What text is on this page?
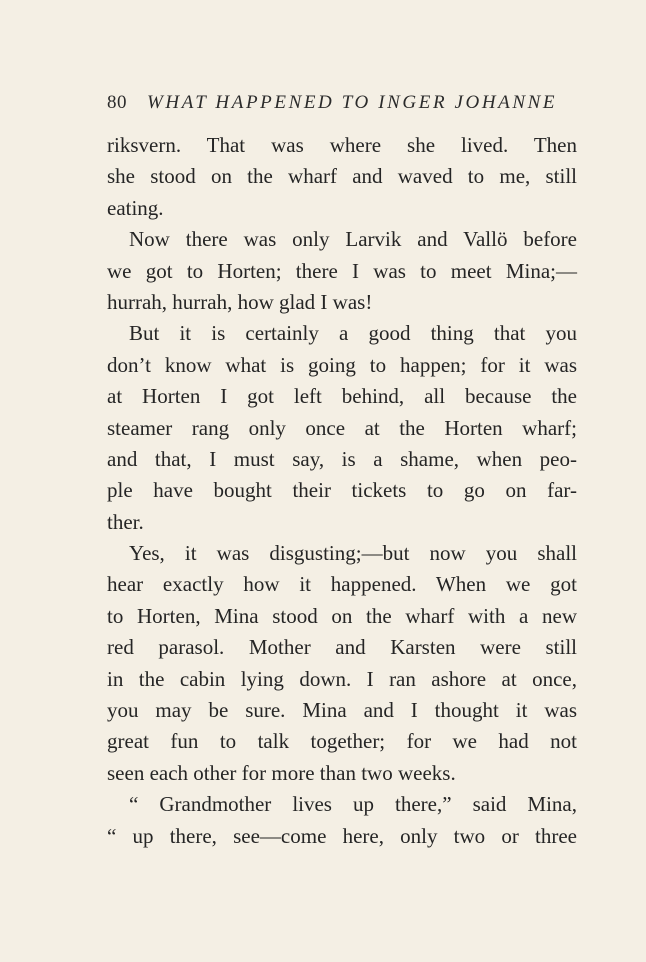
80 WHAT HAPPENED TO INGER JOHANNE
riksvern. That was where she lived. Then
she stood on the wharf and waved to me, still
eating.
Now there was only Larvik and Vallö before
we got to Horten; there I was to meet Mina;—
hurrah, hurrah, how glad I was!
But it is certainly a good thing that you
don’t know what is going to happen; for it was
at Horten I got left behind, all because the
steamer rang only once at the Horten wharf;
and that, I must say, is a shame, when peo-
ple have bought their tickets to go on far-
ther.
Yes, it was disgusting;—but now you shall
hear exactly how it happened. When we got
to Horten, Mina stood on the wharf with a new
red parasol. Mother and Karsten were still
in the cabin lying down. I ran ashore at once,
you may be sure. Mina and I thought it was
great fun to talk together; for we had not
seen each other for more than two weeks.
“ Grandmother lives up there,” said Mina,
“ up there, see—come here, only two or three
